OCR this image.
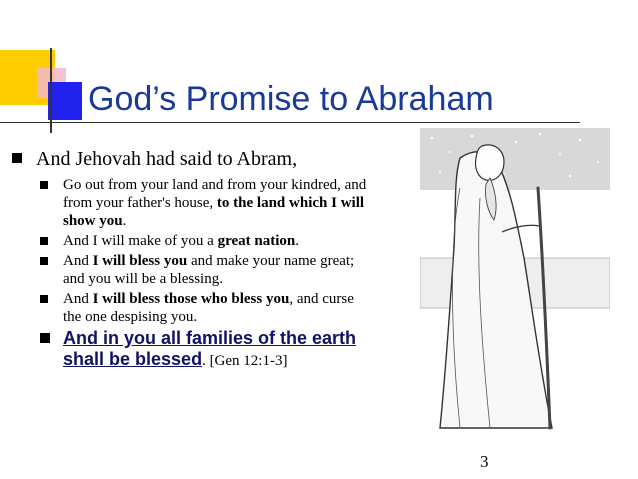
God’s Promise to Abraham
And Jehovah had said to Abram,
Go out from your land and from your kindred, and from your father's house, to the land which I will show you.
And I will make of you a great nation.
And I will bless you and make your name great; and you will be a blessing.
And I will bless those who bless you, and curse the one despising you.
And in you all families of the earth shall be blessed. [Gen 12:1-3]
3
